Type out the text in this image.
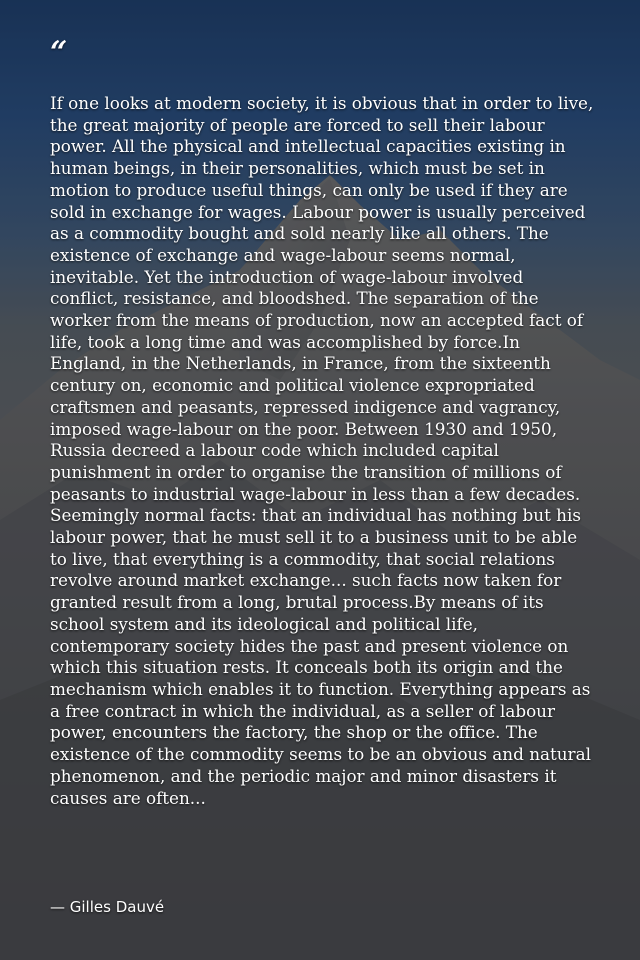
“

If one looks at modern society, it is obvious that in order to live, the great majority of people are forced to sell their labour power. All the physical and intellectual capacities existing in human beings, in their personalities, which must be set in motion to produce useful things, can only be used if they are sold in exchange for wages. Labour power is usually perceived as a commodity bought and sold nearly like all others. The existence of exchange and wage-labour seems normal, inevitable. Yet the introduction of wage-labour involved conflict, resistance, and bloodshed. The separation of the worker from the means of production, now an accepted fact of life, took a long time and was accomplished by force.In England, in the Netherlands, in France, from the sixteenth century on, economic and political violence expropriated craftsmen and peasants, repressed indigence and vagrancy, imposed wage-labour on the poor. Between 1930 and 1950, Russia decreed a labour code which included capital punishment in order to organise the transition of millions of peasants to industrial wage-labour in less than a few decades. Seemingly normal facts: that an individual has nothing but his labour power, that he must sell it to a business unit to be able to live, that everything is a commodity, that social relations revolve around market exchange... such facts now taken for granted result from a long, brutal process.By means of its school system and its ideological and political life, contemporary society hides the past and present violence on which this situation rests. It conceals both its origin and the mechanism which enables it to function. Everything appears as a free contract in which the individual, as a seller of labour power, encounters the factory, the shop or the office. The existence of the commodity seems to be an obvious and natural phenomenon, and the periodic major and minor disasters it causes are often...

— Gilles Dauvé
